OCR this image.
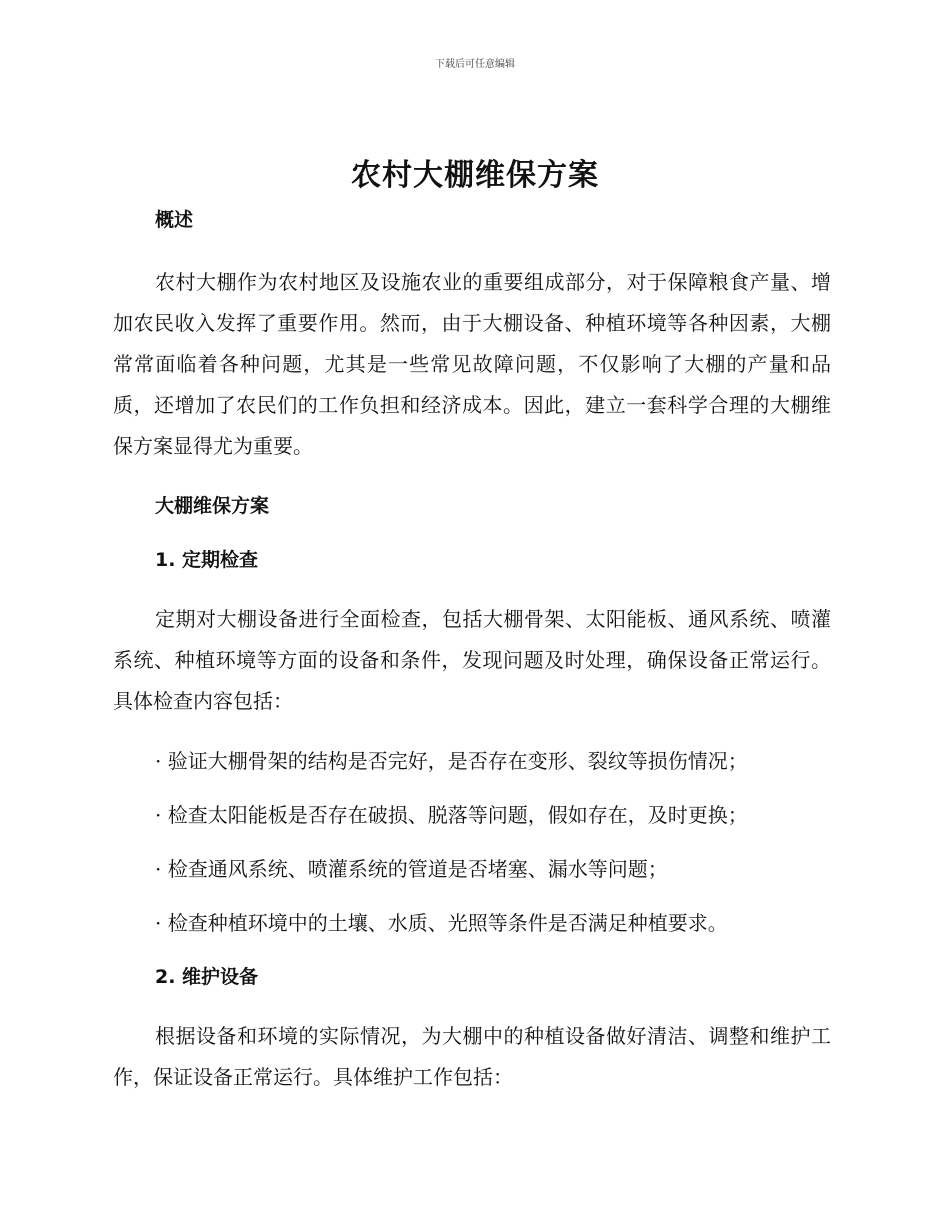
下载后可任意编辑
农村大棚维保方案
概述

农村大棚作为农村地区及设施农业的重要组成部分，对于保障粮食产量、增加农民收入发挥了重要作用。然而，由于大棚设备、种植环境等各种因素，大棚常常面临着各种问题，尤其是一些常见故障问题，不仅影响了大棚的产量和品质，还增加了农民们的工作负担和经济成本。因此，建立一套科学合理的大棚维保方案显得尤为重要。

大棚维保方案
1. 定期检查

定期对大棚设备进行全面检查，包括大棚骨架、太阳能板、通风系统、喷灌系统、种植环境等方面的设备和条件，发现问题及时处理，确保设备正常运行。具体检查内容包括：

· 验证大棚骨架的结构是否完好，是否存在变形、裂纹等损伤情况；

· 检查太阳能板是否存在破损、脱落等问题，假如存在，及时更换；

· 检查通风系统、喷灌系统的管道是否堵塞、漏水等问题；

· 检查种植环境中的土壤、水质、光照等条件是否满足种植要求。

2. 维护设备

根据设备和环境的实际情况，为大棚中的种植设备做好清洁、调整和维护工作，保证设备正常运行。具体维护工作包括：
